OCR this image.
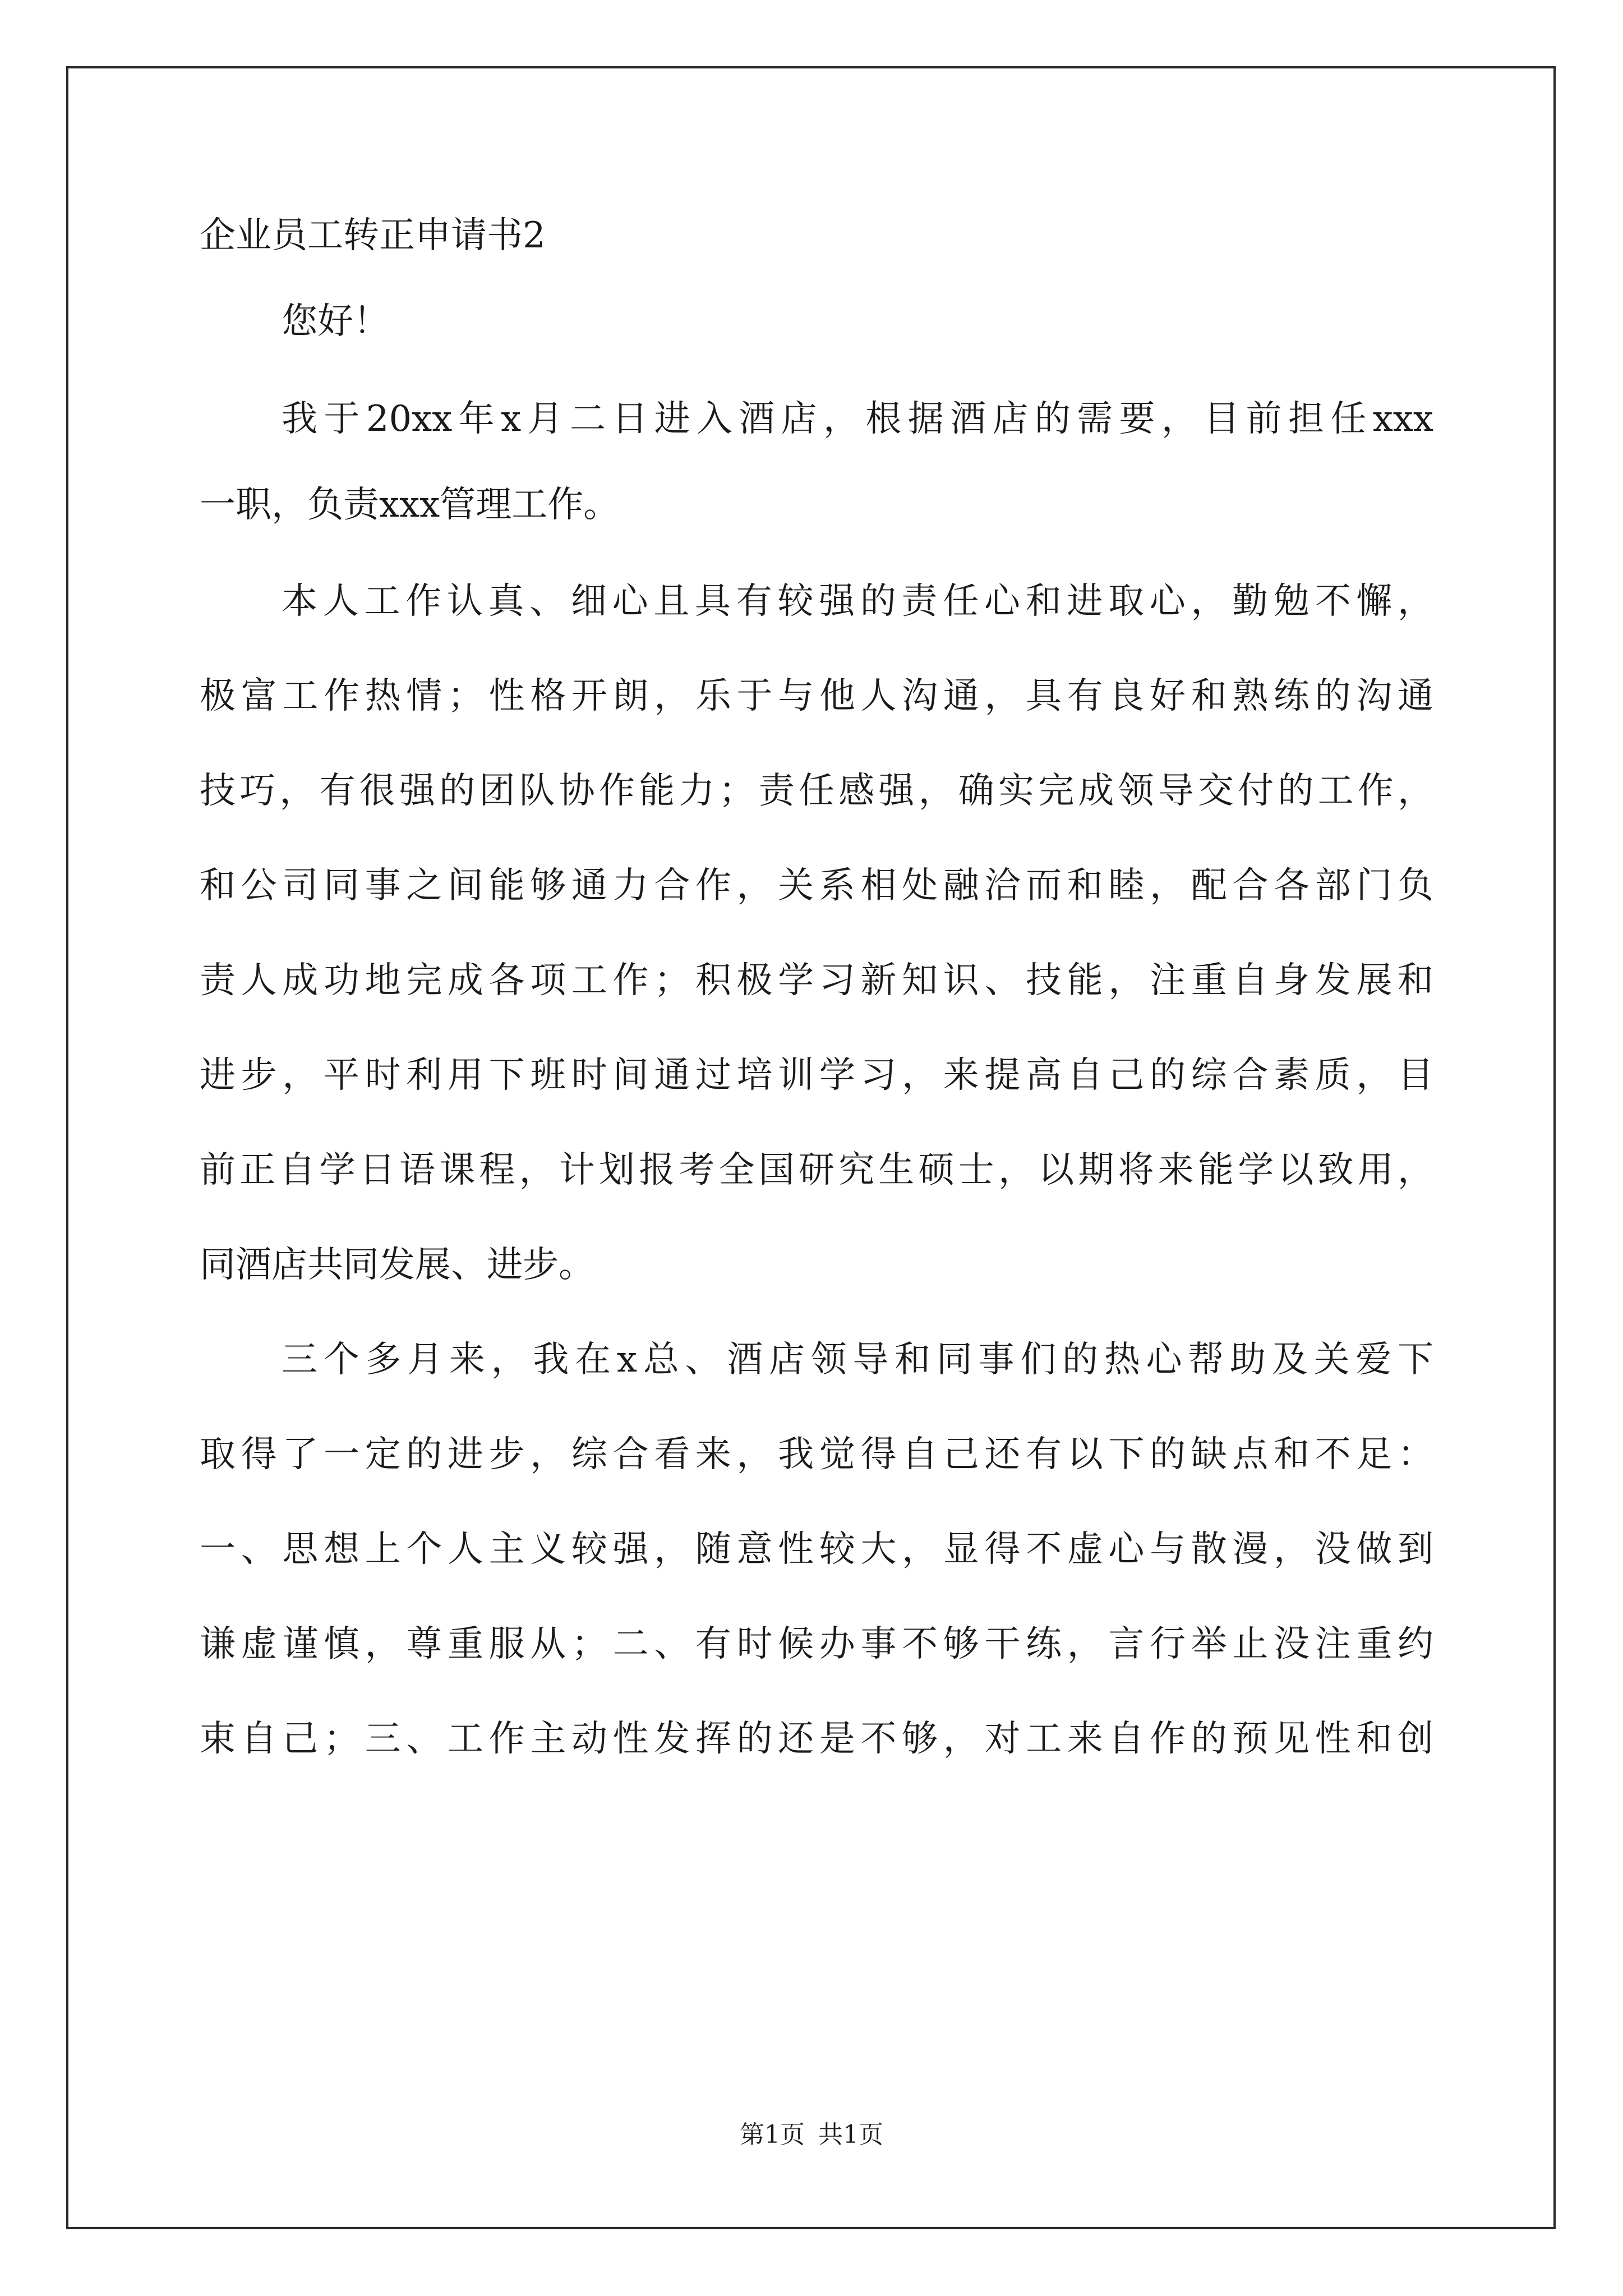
企业员工转正申请书2
您好！
我于20xx年x月二日进入酒店，根据酒店的需要，目前担任xxx
一职，负责xxx管理工作。
本人工作认真、细心且具有较强的责任心和进取心，勤勉不懈，
极富工作热情；性格开朗，乐于与他人沟通，具有良好和熟练的沟通
技巧，有很强的团队协作能力；责任感强，确实完成领导交付的工作，
和公司同事之间能够通力合作，关系相处融洽而和睦，配合各部门负
责人成功地完成各项工作；积极学习新知识、技能，注重自身发展和
进步，平时利用下班时间通过培训学习，来提高自己的综合素质，目
前正自学日语课程，计划报考全国研究生硕士，以期将来能学以致用，
同酒店共同发展、进步。
三个多月来，我在x总、酒店领导和同事们的热心帮助及关爱下
取得了一定的进步，综合看来，我觉得自己还有以下的缺点和不足：
一、思想上个人主义较强，随意性较大，显得不虚心与散漫，没做到
谦虚谨慎，尊重服从；二、有时候办事不够干练，言行举止没注重约
束自己；三、工作主动性发挥的还是不够，对工来自作的预见性和创
第1页 共1页
